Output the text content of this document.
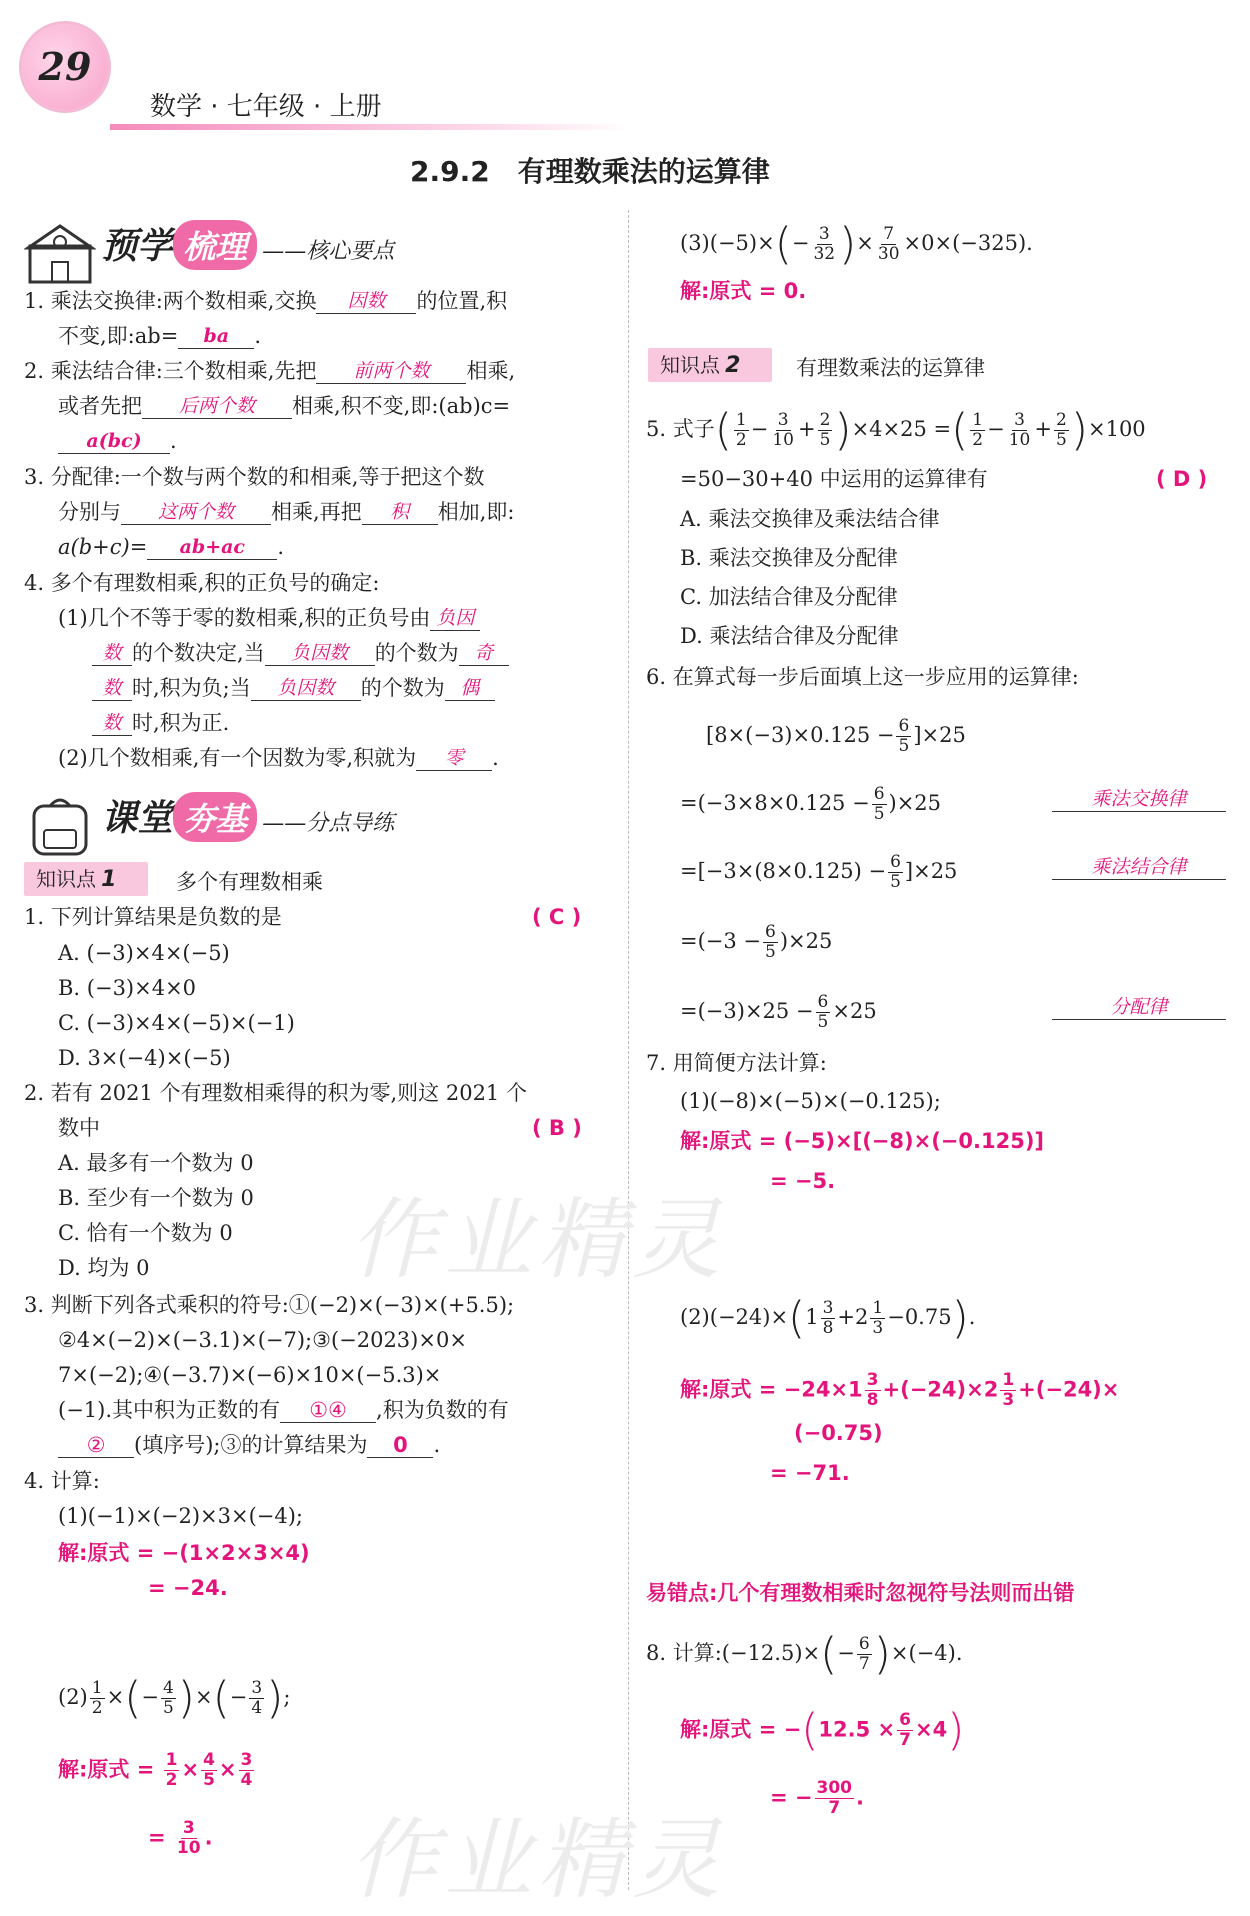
29
数学 · 七年级 · 上册
2.9.2　有理数乘法的运算律
作业精灵
作业精灵
预学 梳理 ——核心要点
1. 乘法交换律:两个数相乘,交换 因数 的位置,积
不变,即:ab= ba .
2. 乘法结合律:三个数相乘,先把 前两个数 相乘,
或者先把 后两个数 相乘,积不变,即:(ab)c=
a(bc) .
3. 分配律:一个数与两个数的和相乘,等于把这个数
分别与 这两个数 相乘,再把 积 相加,即:
a(b+c)= ab+ac .
4. 多个有理数相乘,积的正负号的确定:
(1)几个不等于零的数相乘,积的正负号由 负因
数 的个数决定,当 负因数 的个数为 奇
数 时,积为负;当 负因数 的个数为 偶
数 时,积为正.
(2)几个数相乘,有一个因数为零,积就为 零 .
课堂 夯基 ——分点导练
知识点 1	多个有理数相乘
1. 下列计算结果是负数的是	( C )
A. (−3)×4×(−5)
B. (−3)×4×0
C. (−3)×4×(−5)×(−1)
D. 3×(−4)×(−5)
2. 若有 2021 个有理数相乘得的积为零,则这 2021 个
数中	( B )
A. 最多有一个数为 0
B. 至少有一个数为 0
C. 恰有一个数为 0
D. 均为 0
3. 判断下列各式乘积的符号:①(−2)×(−3)×(+5.5);
②4×(−2)×(−3.1)×(−7);③(−2023)×0×
7×(−2);④(−3.7)×(−6)×10×(−5.3)×
(−1).其中积为正数的有 ①④ ,积为负数的有
② (填序号);③的计算结果为 0 .
4. 计算:
(1)(−1)×(−2)×3×(−4);
解:原式 = −(1×2×3×4)
= −24.
$(2) \frac{1}{2}$ ×(− $\frac{4}{5}$ )×(− $\frac{3}{4}$ );
解:原式 = $\frac{1}{2} \times \frac{4}{5} \times \frac{3}{4}$
= $\frac{3}{10}$ .
$(3)(-5)\times(- \frac{3}{32}$ )× $\frac{7}{30} \times 0\times(-325)$.
解:原式 = 0.
知识点 2	有理数乘法的运算律
5. 式子( $\frac{1}{2} - \frac{3}{10} + \frac{2}{5} )\times 4\times 25$ =( $\frac{1}{2} - \frac{3}{10} + \frac{2}{5} )\times 100$
=50−30+40 中运用的运算律有	( D )
A. 乘法交换律及乘法结合律
B. 乘法交换律及分配律
C. 加法结合律及分配律
D. 乘法结合律及分配律
6. 在算式每一步后面填上这一步应用的运算律:
$[8\times(-3)\times 0.125 - \frac{6}{5} ]\times 25$
$=(-3\times 8\times 0.125 - \frac{6}{5} )\times 25$	乘法交换律
$=[-3\times(8\times 0.125) - \frac{6}{5} ]\times 25$	乘法结合律
$=(-3 - \frac{6}{5} )\times 25$
$=(-3)\times 25 - \frac{6}{5} \times 25$	分配律
7. 用简便方法计算:
(1)(−8)×(−5)×(−0.125);
解:原式 = (−5)×[(−8)×(−0.125)]
= −5.
$(2)(-24)\times(1 \frac{3}{8} +2 \frac{1}{3} -0.75)$.
解:原式 = $-24\times 1 \frac{3}{8} +(-24)\times 2 \frac{1}{3} +(-24)\times$
(−0.75)
= −71.
易错点:几个有理数相乘时忽视符号法则而出错
8. 计算:(−12.5)×(− $\frac{6}{7} )\times(-4)$.
解:原式 = $-(12.5 \times \frac{6}{7} \times 4)$
= − $\frac{300}{7}$ .
